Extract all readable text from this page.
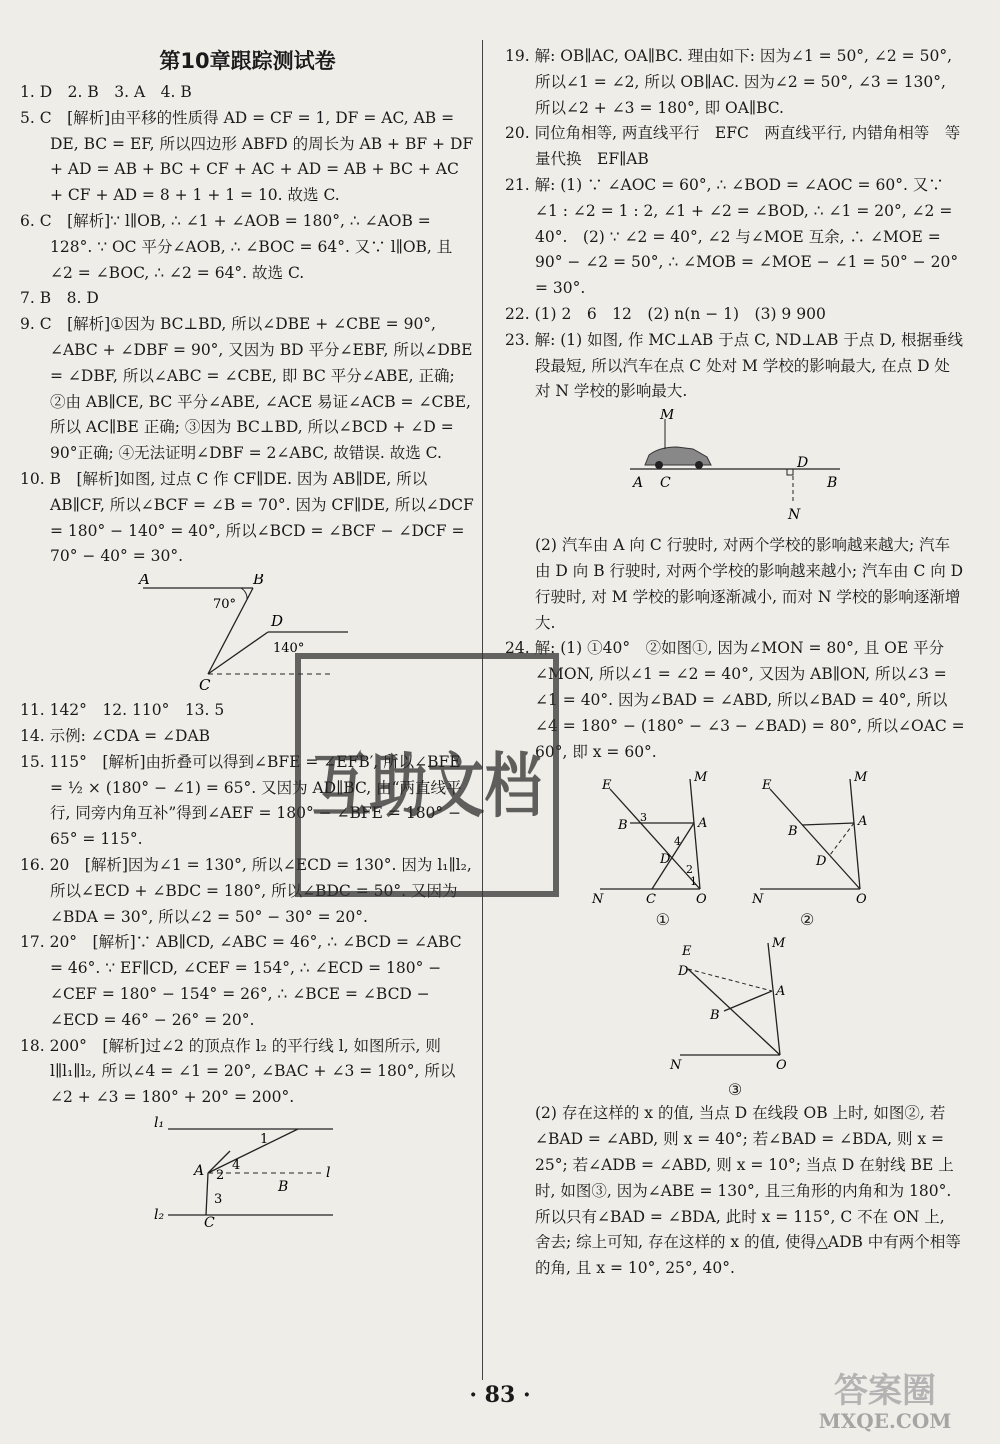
第10章跟踪测试卷

1. D　2. B　3. A　4. B

5. C　[解析]由平移的性质得 AD = CF = 1, DF = AC, AB = DE, BC = EF, 所以四边形 ABFD 的周长为 AB + BF + DF + AD = AB + BC + CF + AC + AD = AB + BC + AC + CF + AD = 8 + 1 + 1 = 10. 故选 C.

6. C　[解析]∵ l∥OB, ∴ ∠1 + ∠AOB = 180°, ∴ ∠AOB = 128°. ∵ OC 平分∠AOB, ∴ ∠BOC = 64°. 又∵ l∥OB, 且∠2 = ∠BOC, ∴ ∠2 = 64°. 故选 C.

7. B　8. D

9. C　[解析]①因为 BC⊥BD, 所以∠DBE + ∠CBE = 90°, ∠ABC + ∠DBF = 90°, 又因为 BD 平分∠EBF, 所以∠DBE = ∠DBF, 所以∠ABC = ∠CBE, 即 BC 平分∠ABE, 正确; ②由 AB∥CE, BC 平分∠ABE, ∠ACE 易证∠ACB = ∠CBE, 所以 AC∥BE 正确; ③因为 BC⊥BD, 所以∠BCD + ∠D = 90°正确; ④无法证明∠DBF = 2∠ABC, 故错误. 故选 C.

10. B　[解析]如图, 过点 C 作 CF∥DE. 因为 AB∥DE, 所以 AB∥CF, 所以∠BCF = ∠B = 70°. 因为 CF∥DE, 所以∠DCF = 180° − 140° = 40°, 所以∠BCD = ∠BCF − ∠DCF = 70° − 40° = 30°.

A	B
D
C
70°
140°

11. 142°　12. 110°　13. 5

14. 示例: ∠CDA = ∠DAB

15. 115°　[解析]由折叠可以得到∠BFE = ∠EFB′, 所以∠BFE = ½ × (180° − ∠1) = 65°. 又因为 AD∥BC, 由“两直线平行, 同旁内角互补”得到∠AEF = 180° − ∠BFE = 180° − 65° = 115°.

16. 20　[解析]因为∠1 = 130°, 所以∠ECD = 130°. 因为 l₁∥l₂, 所以∠ECD + ∠BDC = 180°, 所以∠BDC = 50°. 又因为∠BDA = 30°, 所以∠2 = 50° − 30° = 20°.

17. 20°　[解析]∵ AB∥CD, ∠ABC = 46°, ∴ ∠BCD = ∠ABC = 46°. ∵ EF∥CD, ∠CEF = 154°, ∴ ∠ECD = 180° − ∠CEF = 180° − 154° = 26°, ∴ ∠BCE = ∠BCD − ∠ECD = 46° − 26° = 20°.

18. 200°　[解析]过∠2 的顶点作 l₂ 的平行线 l, 如图所示, 则 l∥l₁∥l₂, 所以∠4 = ∠1 = 20°, ∠BAC + ∠3 = 180°, 所以∠2 + ∠3 = 180° + 20° = 200°.

l₁
l₂
l
A
B
C
1
2
3
4

19. 解: OB∥AC, OA∥BC. 理由如下: 因为∠1 = 50°, ∠2 = 50°, 所以∠1 = ∠2, 所以 OB∥AC. 因为∠2 = 50°, ∠3 = 130°, 所以∠2 + ∠3 = 180°, 即 OA∥BC.

20. 同位角相等, 两直线平行　EFC　两直线平行, 内错角相等　等量代换　EF∥AB

21. 解: (1) ∵ ∠AOC = 60°, ∴ ∠BOD = ∠AOC = 60°. 又∵ ∠1 : ∠2 = 1 : 2, ∠1 + ∠2 = ∠BOD, ∴ ∠1 = 20°, ∠2 = 40°.　(2) ∵ ∠2 = 40°, ∠2 与∠MOE 互余, ∴ ∠MOE = 90° − ∠2 = 50°, ∴ ∠MOB = ∠MOE − ∠1 = 50° − 20° = 30°.

22. (1) 2　6　12　(2) n(n − 1)　(3) 9 900

23. 解: (1) 如图, 作 MC⊥AB 于点 C, ND⊥AB 于点 D, 根据垂线段最短, 所以汽车在点 C 处对 M 学校的影响最大, 在点 D 处对 N 学校的影响最大.

M
A C
D
B
N

(2) 汽车由 A 向 C 行驶时, 对两个学校的影响越来越大; 汽车由 D 向 B 行驶时, 对两个学校的影响越来越小; 汽车由 C 向 D 行驶时, 对 M 学校的影响逐渐减小, 而对 N 学校的影响逐渐增大.

24. 解: (1) ①40°　②如图①, 因为∠MON = 80°, 且 OE 平分∠MON, 所以∠1 = ∠2 = 40°, 又因为 AB∥ON, 所以∠3 = ∠1 = 40°. 因为∠BAD = ∠ABD, 所以∠BAD = 40°, 所以∠4 = 180° − (180° − ∠3 − ∠BAD) = 80°, 所以∠OAC = 60°, 即 x = 60°.

E
M
B	A
D
N	C	O
3
4
2
1
E
M
B
A
D
N	O
①	②
E
D
M
A
B
N	O
③

(2) 存在这样的 x 的值, 当点 D 在线段 OB 上时, 如图②, 若∠BAD = ∠ABD, 则 x = 40°; 若∠BAD = ∠BDA, 则 x = 25°; 若∠ADB = ∠ABD, 则 x = 10°; 当点 D 在射线 BE 上时, 如图③, 因为∠ABE = 130°, 且三角形的内角和为 180°. 所以只有∠BAD = ∠BDA, 此时 x = 115°, C 不在 ON 上, 舍去; 综上可知, 存在这样的 x 的值, 使得△ADB 中有两个相等的角, 且 x = 10°, 25°, 40°.

互助文档
· 83 ·	答案圈
MXQE.COM
